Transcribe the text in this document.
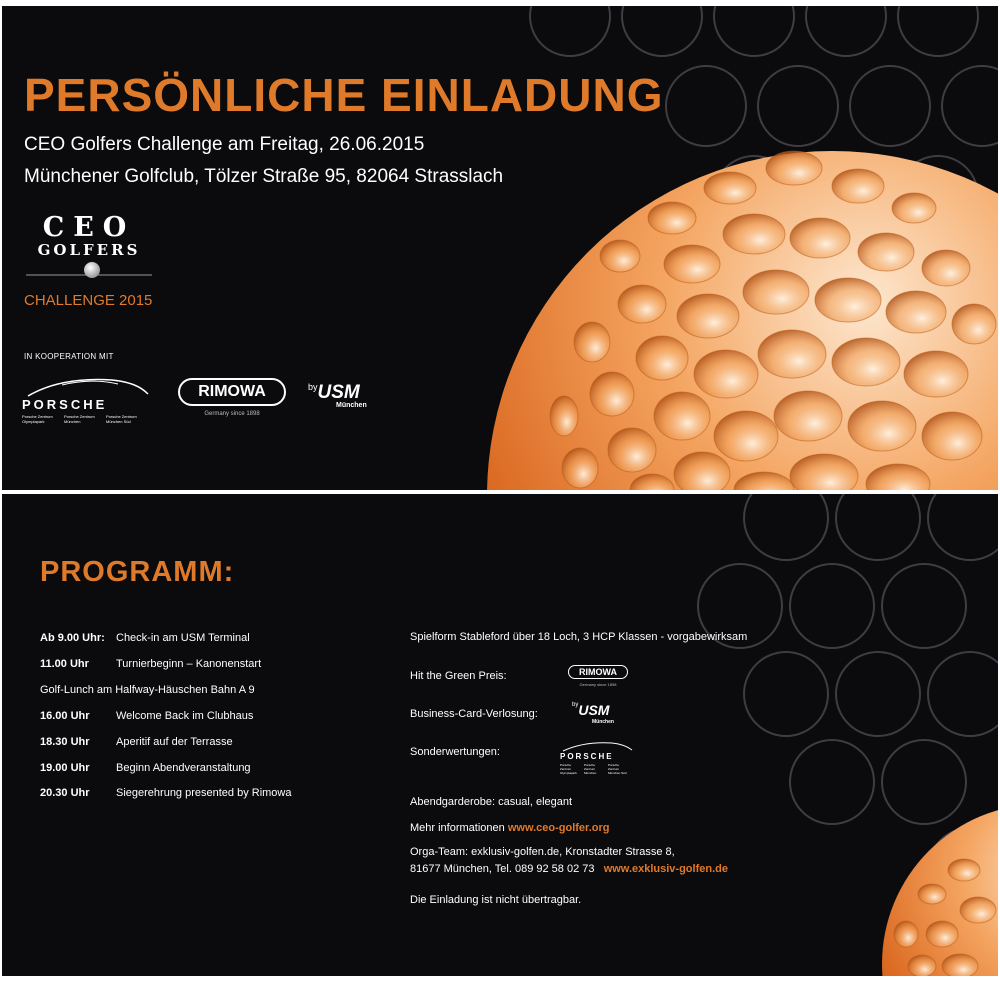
PERSÖNLICHE EINLADUNG

CEO Golfers Challenge am Freitag, 26.06.2015

Münchener Golfclub, Tölzer Straße 95, 82064 Strasslach

CEO
GOLFERS

CHALLENGE 2015

IN KOOPERATION MIT

PORSCHE
Porsche Zentrum Olympiapark
Porsche Zentrum München
Porsche Zentrum München Süd
RIMOWA
Germany since 1898
$^{by}$USM
München
PROGRAMM:
Ab 9.00 Uhr: Check-in am USM Terminal
11.00 Uhr Turnierbeginn – Kanonenstart
Golf-Lunch am Halfway-Häuschen Bahn A 9
16.00 Uhr Welcome Back im Clubhaus
18.30 Uhr Aperitif auf der Terrasse
19.00 Uhr Beginn Abendveranstaltung
20.30 Uhr Siegerehrung presented by Rimowa
Spielform Stableford über 18 Loch, 3 HCP Klassen - vorgabewirksam
Hit the Green Preis:	RIMOWA
Germany since 1898
Business-Card-Verlosung:
$^{by}$USM
München
Sonderwertungen:	PORSCHE
Porsche Zentrum Olympiapark
Porsche Zentrum München
Porsche Zentrum München Süd
Abendgarderobe: casual, elegant
Mehr informationen www.ceo-golfer.org
Orga-Team: exklusiv-golfen.de, Kronstadter Strasse 8,
81677 München, Tel. 089 92 58 02 73 www.exklusiv-golfen.de
Die Einladung ist nicht übertragbar.
